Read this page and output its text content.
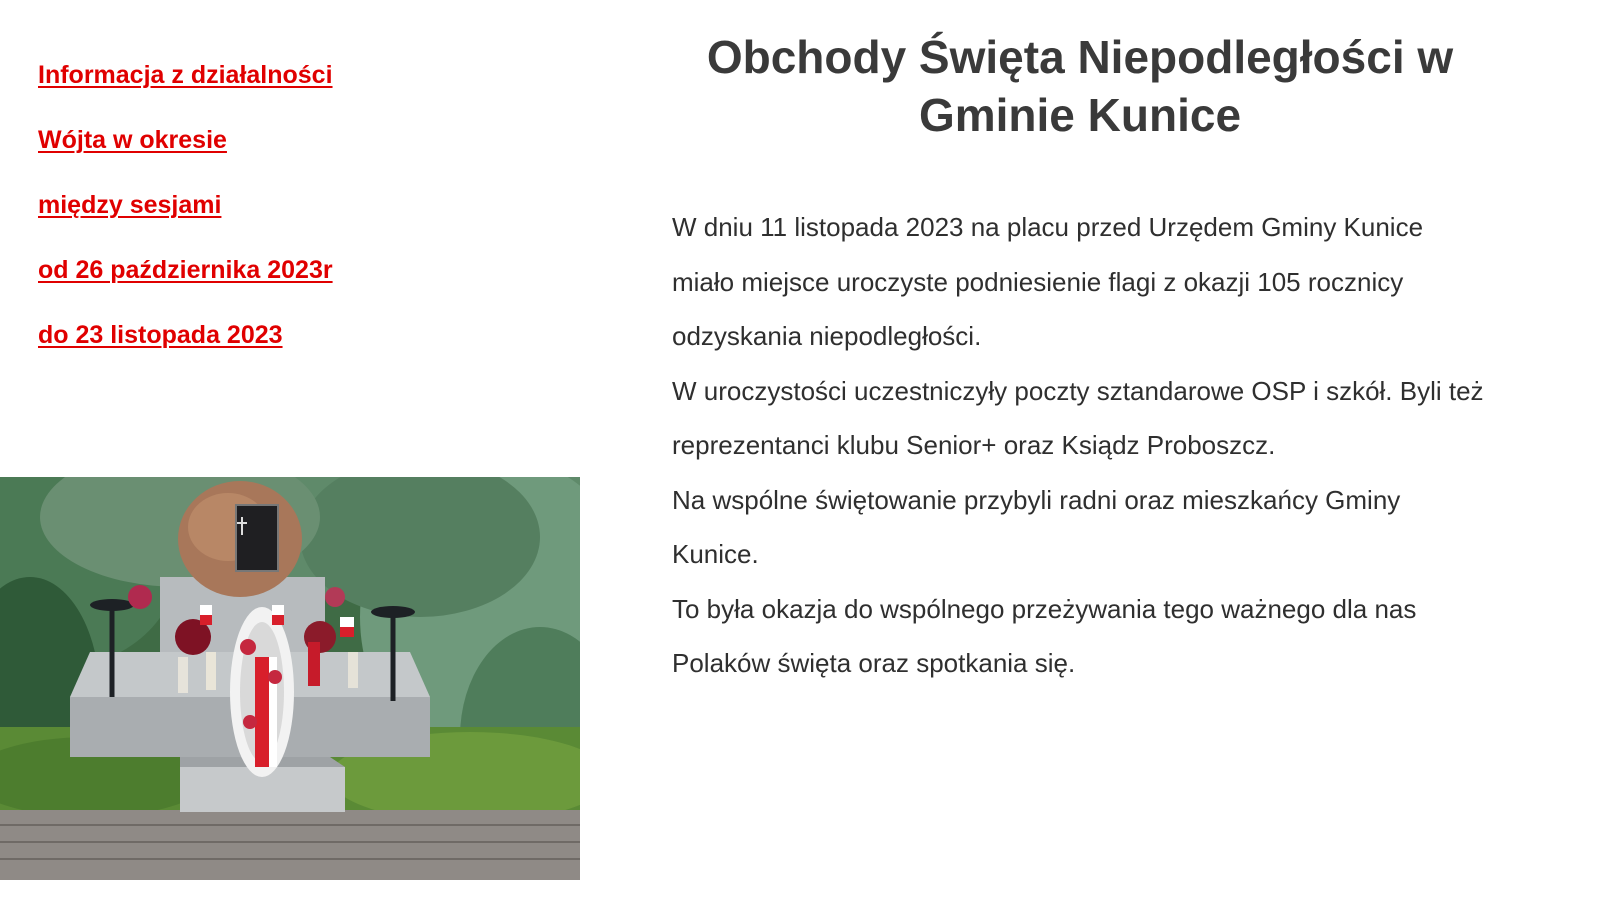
Informacja z działalności
Wójta w okresie
między sesjami
od 26 października 2023r
do 23 listopada 2023
Obchody Święta Niepodległości w
Gminie Kunice

W dniu 11 listopada 2023 na placu przed Urzędem Gminy Kunice miało miejsce uroczyste podniesienie flagi z okazji 105 rocznicy odzyskania niepodległości.

W uroczystości uczestniczyły poczty sztandarowe OSP i szkół. Byli też reprezentanci klubu Senior+ oraz Ksiądz Proboszcz.

Na wspólne świętowanie przybyli radni oraz mieszkańcy Gminy Kunice.

To była okazja do wspólnego przeżywania tego ważnego dla nas Polaków święta oraz spotkania się.
